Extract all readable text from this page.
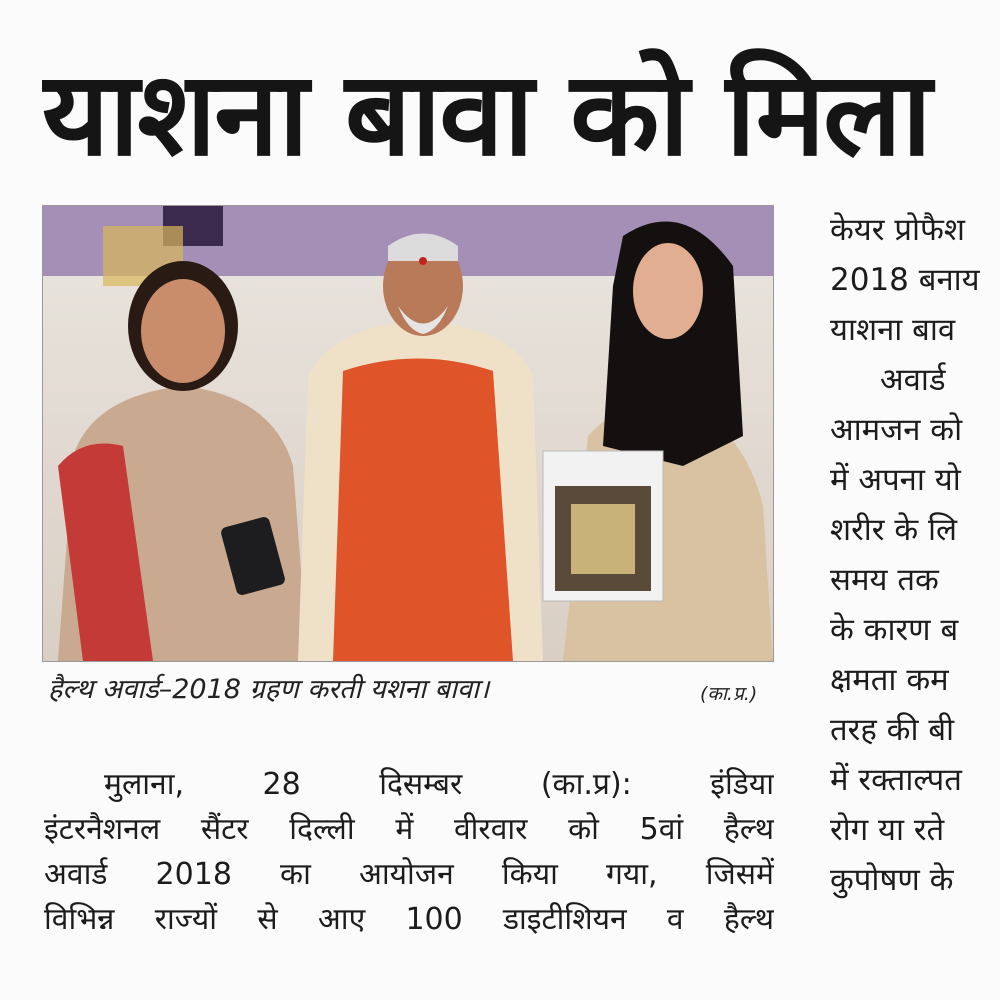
याशना बावा को मिला
हैल्थ अवार्ड–2018 ग्रहण करती यशना बावा।	(का.प्र.)
मुलाना, 28 दिसम्बर (का.प्र): इंडिया
इंटरनैशनल सैंटर दिल्ली में वीरवार को 5वां हैल्थ
अवार्ड 2018 का आयोजन किया गया, जिसमें
विभिन्न राज्यों से आए 100 डाइटीशियन व हैल्थ
केयर प्रोफैश
2018 बनाय
याशना बाव
अवार्ड
आमजन को
में अपना यो
शरीर के लि
समय तक
के कारण ब
क्षमता कम
तरह की बी
में रक्ताल्पत
रोग या रते
कुपोषण के
